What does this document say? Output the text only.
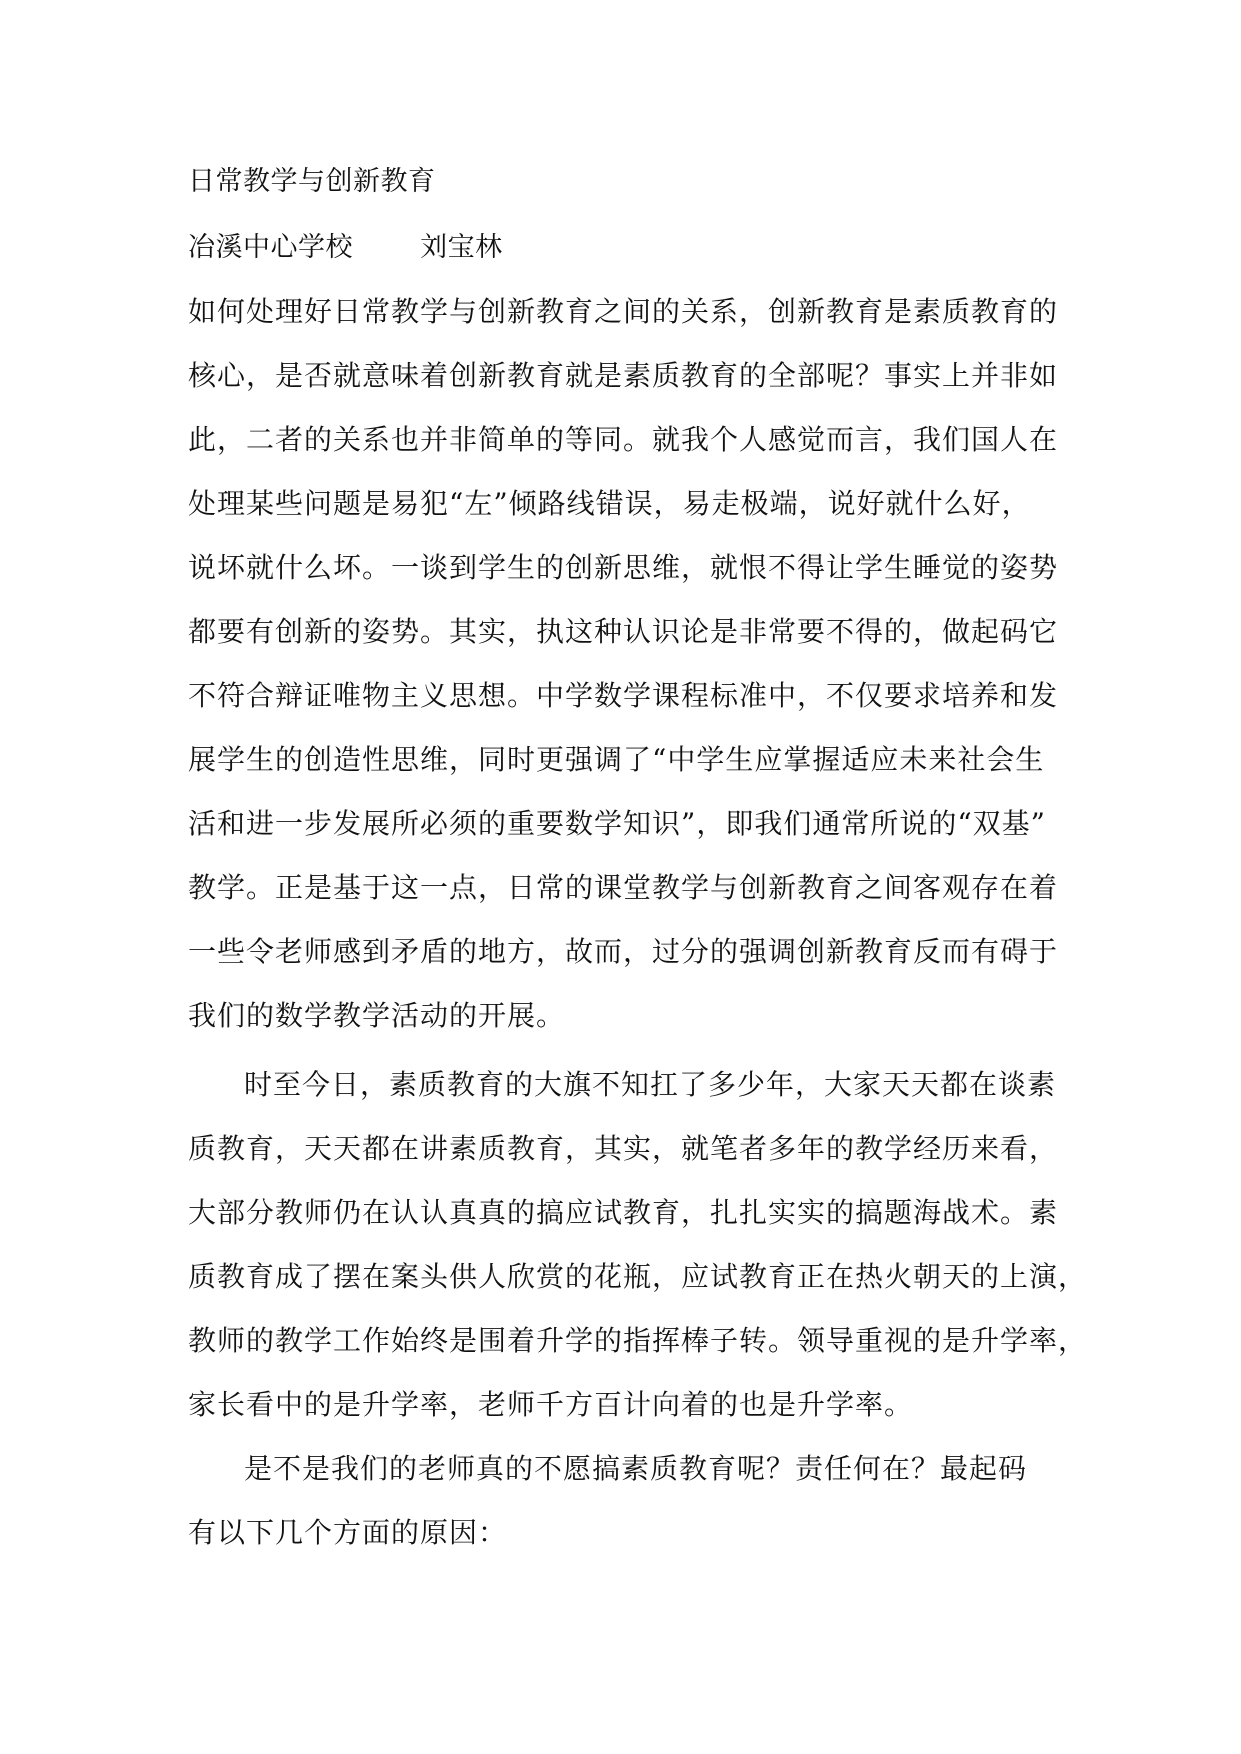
日常教学与创新教育
冶溪中心学校 刘宝林
如何处理好日常教学与创新教育之间的关系，创新教育是素质教育的
核心，是否就意味着创新教育就是素质教育的全部呢？事实上并非如
此，二者的关系也并非简单的等同。就我个人感觉而言，我们国人在
处理某些问题是易犯“左”倾路线错误，易走极端，说好就什么好，
说坏就什么坏。一谈到学生的创新思维，就恨不得让学生睡觉的姿势
都要有创新的姿势。其实，执这种认识论是非常要不得的，做起码它
不符合辩证唯物主义思想。中学数学课程标准中，不仅要求培养和发
展学生的创造性思维，同时更强调了“中学生应掌握适应未来社会生
活和进一步发展所必须的重要数学知识”，即我们通常所说的“双基”
教学。正是基于这一点，日常的课堂教学与创新教育之间客观存在着
一些令老师感到矛盾的地方，故而，过分的强调创新教育反而有碍于
我们的数学教学活动的开展。
时至今日，素质教育的大旗不知扛了多少年，大家天天都在谈素
质教育，天天都在讲素质教育，其实，就笔者多年的教学经历来看，
大部分教师仍在认认真真的搞应试教育，扎扎实实的搞题海战术。素
质教育成了摆在案头供人欣赏的花瓶，应试教育正在热火朝天的上演，
教师的教学工作始终是围着升学的指挥棒子转。领导重视的是升学率，
家长看中的是升学率，老师千方百计向着的也是升学率。
是不是我们的老师真的不愿搞素质教育呢？责任何在？最起码
有以下几个方面的原因：
